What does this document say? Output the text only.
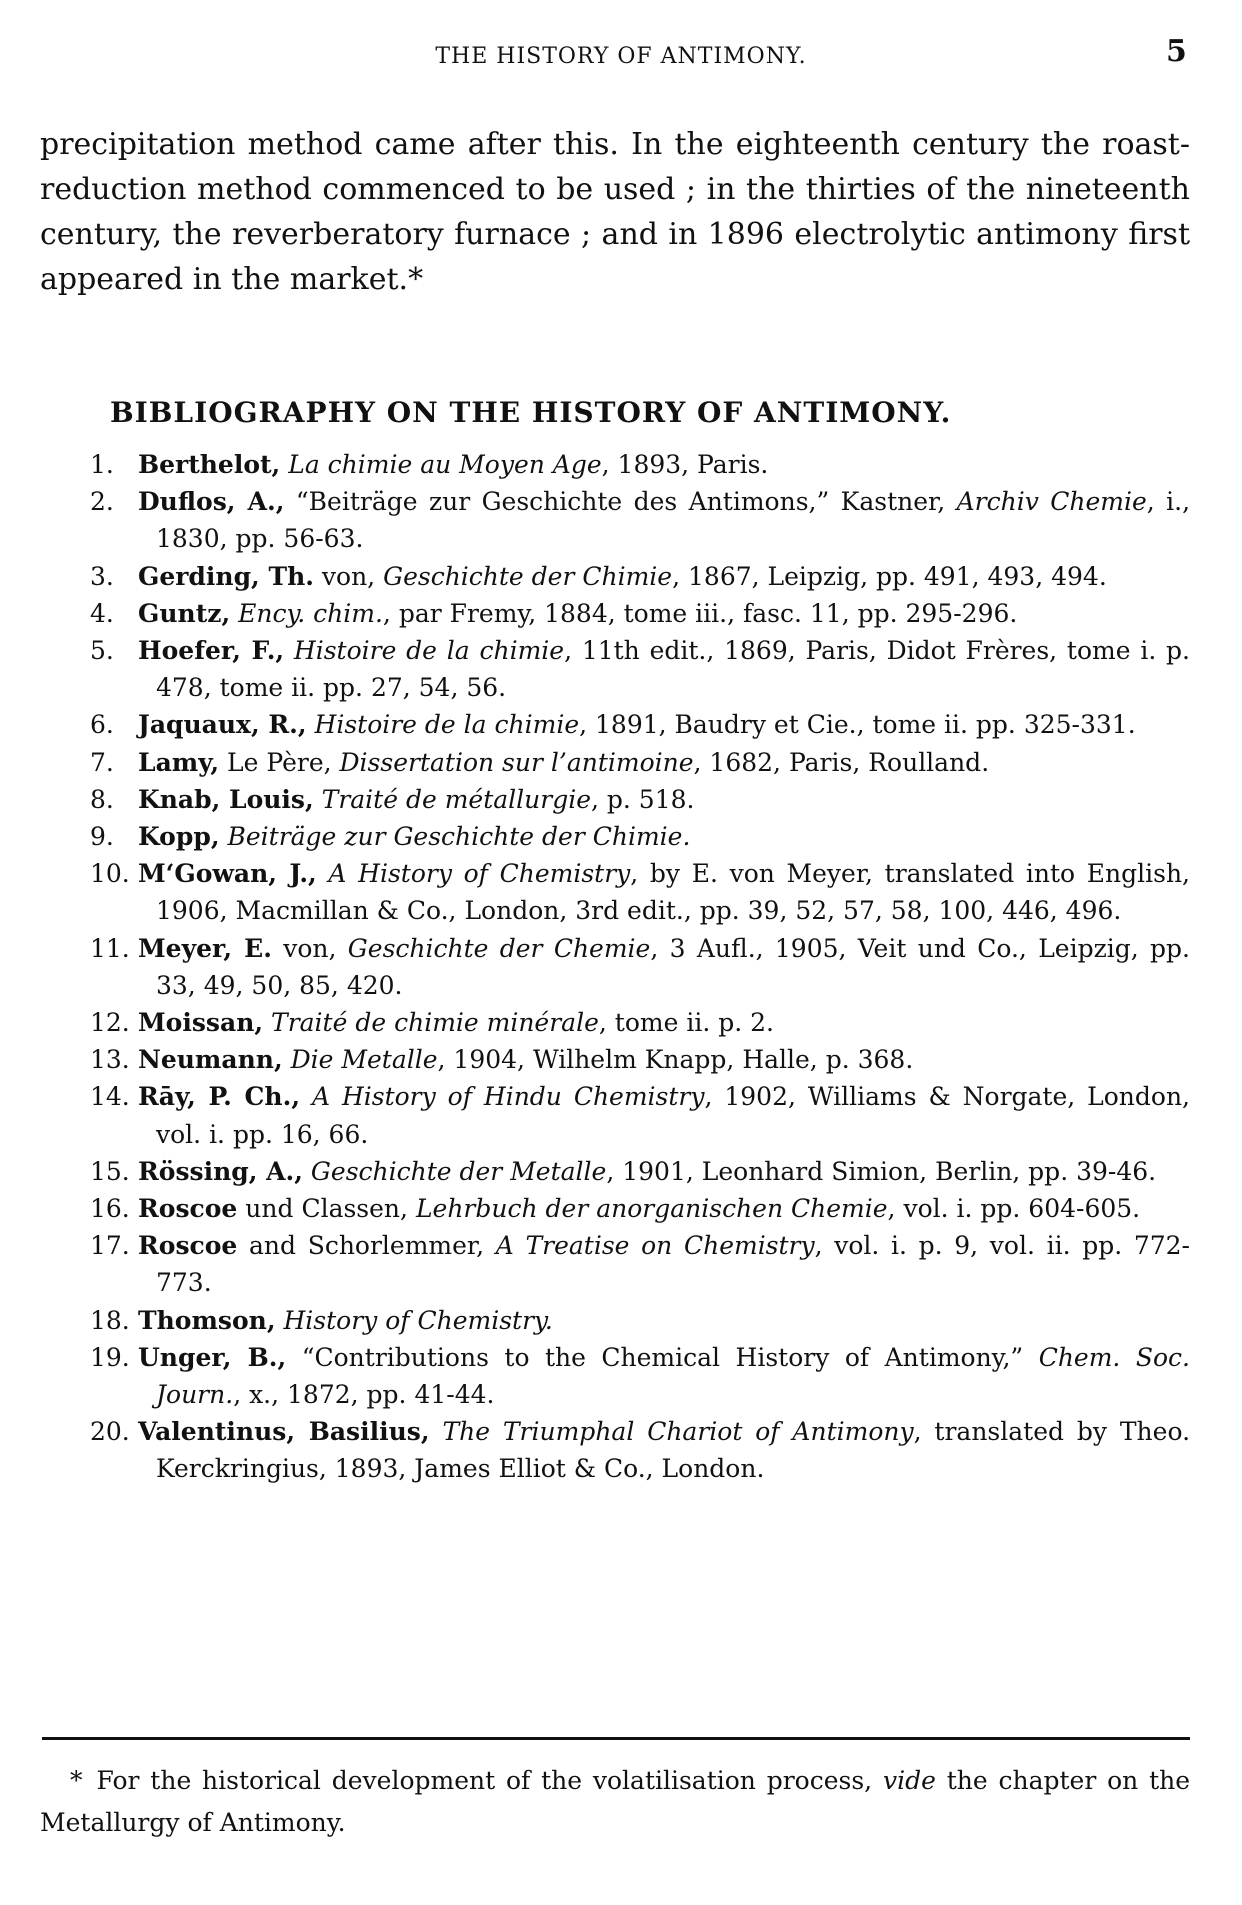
THE HISTORY OF ANTIMONY.	5

precipitation method came after this. In the eighteenth century the roast-reduction method commenced to be used ; in the thirties of the nineteenth century, the reverberatory furnace ; and in 1896 electrolytic antimony first appeared in the market.*

BIBLIOGRAPHY ON THE HISTORY OF ANTIMONY.
1. Berthelot, La chimie au Moyen Age, 1893, Paris.
2. Duflos, A., “Beiträge zur Geschichte des Antimons,” Kastner, Archiv Chemie, i., 1830, pp. 56-63.
3. Gerding, Th. von, Geschichte der Chimie, 1867, Leipzig, pp. 491, 493, 494.
4. Guntz, Ency. chim., par Fremy, 1884, tome iii., fasc. 11, pp. 295-296.
5. Hoefer, F., Histoire de la chimie, 11th edit., 1869, Paris, Didot Frères, tome i. p. 478, tome ii. pp. 27, 54, 56.
6. Jaquaux, R., Histoire de la chimie, 1891, Baudry et Cie., tome ii. pp. 325-331.
7. Lamy, Le Père, Dissertation sur l’antimoine, 1682, Paris, Roulland.
8. Knab, Louis, Traité de métallurgie, p. 518.
9. Kopp, Beiträge zur Geschichte der Chimie.
10. M‘Gowan, J., A History of Chemistry, by E. von Meyer, translated into English, 1906, Macmillan & Co., London, 3rd edit., pp. 39, 52, 57, 58, 100, 446, 496.
11. Meyer, E. von, Geschichte der Chemie, 3 Aufl., 1905, Veit und Co., Leipzig, pp. 33, 49, 50, 85, 420.
12. Moissan, Traité de chimie minérale, tome ii. p. 2.
13. Neumann, Die Metalle, 1904, Wilhelm Knapp, Halle, p. 368.
14. Rāy, P. Ch., A History of Hindu Chemistry, 1902, Williams & Norgate, London, vol. i. pp. 16, 66.
15. Rössing, A., Geschichte der Metalle, 1901, Leonhard Simion, Berlin, pp. 39-46.
16. Roscoe und Classen, Lehrbuch der anorganischen Chemie, vol. i. pp. 604-605.
17. Roscoe and Schorlemmer, A Treatise on Chemistry, vol. i. p. 9, vol. ii. pp. 772-773.
18. Thomson, History of Chemistry.
19. Unger, B., “Contributions to the Chemical History of Antimony,” Chem. Soc. Journ., x., 1872, pp. 41-44.
20. Valentinus, Basilius, The Triumphal Chariot of Antimony, translated by Theo. Kerckringius, 1893, James Elliot & Co., London.

* For the historical development of the volatilisation process, vide the chapter on the Metallurgy of Antimony.
